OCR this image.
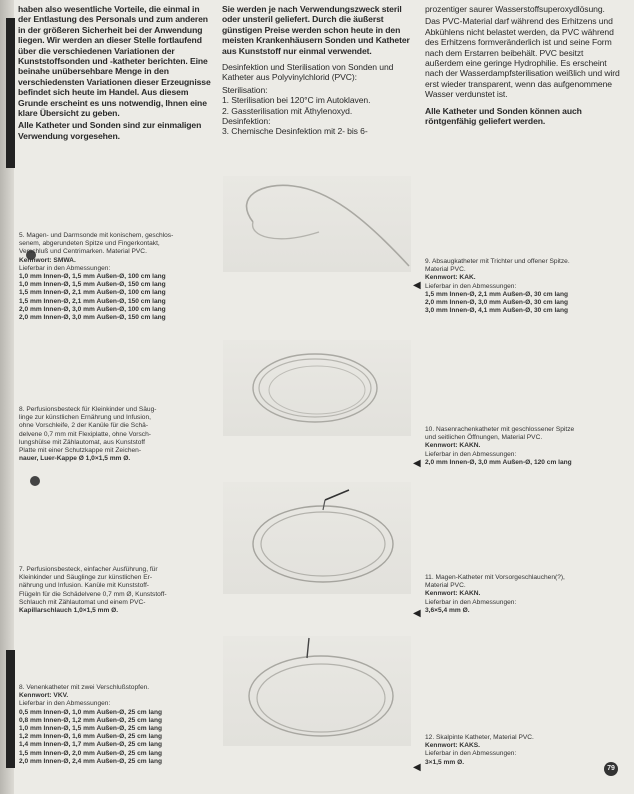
haben also wesentliche Vorteile, die einmal in der Entlastung des Personals und zum anderen in der größeren Sicherheit bei der Anwendung liegen. Wir werden an dieser Stelle fortlaufend über die verschiedenen Variationen der Kunststoffsonden und -katheter berichten. Eine beinahe unübersehbare Menge in den verschiedensten Variationen dieser Erzeugnisse befindet sich heute im Handel. Aus diesem Grunde erscheint es uns notwendig, Ihnen eine klare Übersicht zu geben.

Alle Katheter und Sonden sind zur einmaligen Verwendung vorgesehen.

Sie werden je nach Verwendungszweck steril oder unsteril geliefert. Durch die äußerst günstigen Preise werden schon heute in den meisten Krankenhäusern Sonden und Katheter aus Kunststoff nur einmal verwendet.

Desinfektion und Sterilisation von Sonden und Katheter aus Polyvinylchlorid (PVC):

Sterilisation:
1. Sterilisation bei 120°C im Autoklaven.
2. Gassterilisation mit Äthylenoxyd.
Desinfektion:
3. Chemische Desinfektion mit 2- bis 6-

prozentiger saurer Wasserstoffsuperoxydlösung.

Das PVC-Material darf während des Erhitzens und Abkühlens nicht belastet werden, da PVC während des Erhitzens formveränderlich ist und seine Form nach dem Erstarren beibehält. PVC besitzt außerdem eine geringe Hydrophilie. Es erscheint nach der Wasserdampfsterilisation weißlich und wird erst wieder transparent, wenn das aufgenommene Wasser verdunstet ist.

Alle Katheter und Sonden können auch röntgenfähig geliefert werden.

5. Magen- und Darmsonde mit konischem, geschlos-
senem, abgerundeten Spitze und Fingerkontakt,
Verschluß und Centrimarken. Material PVC.
Kennwort: SMWA.
Lieferbar in den Abmessungen:
1,0 mm Innen-Ø, 1,5 mm Außen-Ø, 100 cm lang
1,0 mm Innen-Ø, 1,5 mm Außen-Ø, 150 cm lang
1,5 mm Innen-Ø, 2,1 mm Außen-Ø, 100 cm lang
1,5 mm Innen-Ø, 2,1 mm Außen-Ø, 150 cm lang
2,0 mm Innen-Ø, 3,0 mm Außen-Ø, 100 cm lang
2,0 mm Innen-Ø, 3,0 mm Außen-Ø, 150 cm lang
8. Perfusionsbesteck für Kleinkinder und Säug-
linge zur künstlichen Ernährung und Infusion,
ohne Vorschleife, 2 der Kanüle für die Schä-
delvene 0,7 mm mit Flexiplatte, ohne Vorsch-
lungshülse mit Zählautomat, aus Kunststoff
Platte mit einer Schutzkappe mit Zeichen-
nauer, Luer-Kappe Ø 1,0×1,5 mm Ø.
7. Perfusionsbesteck, einfacher Ausführung, für
Kleinkinder und Säuglinge zur künstlichen Er-
nährung und Infusion. Kanüle mit Kunststoff-
Flügeln für die Schädelvene 0,7 mm Ø, Kunststoff-
Schlauch mit Zählautomat und einem PVC-
Kapillarschlauch 1,0×1,5 mm Ø.
8. Venenkatheter mit zwei Verschlußstopfen.
Kennwort: VKV.
Lieferbar in den Abmessungen:
0,5 mm Innen-Ø, 1,0 mm Außen-Ø, 25 cm lang
0,8 mm Innen-Ø, 1,2 mm Außen-Ø, 25 cm lang
1,0 mm Innen-Ø, 1,5 mm Außen-Ø, 25 cm lang
1,2 mm Innen-Ø, 1,6 mm Außen-Ø, 25 cm lang
1,4 mm Innen-Ø, 1,7 mm Außen-Ø, 25 cm lang
1,5 mm Innen-Ø, 2,0 mm Außen-Ø, 25 cm lang
2,0 mm Innen-Ø, 2,4 mm Außen-Ø, 25 cm lang
◀
9. Absaugkatheter mit Trichter und offener Spitze.
Material PVC.
Kennwort: KAK.
Lieferbar in den Abmessungen:
1,5 mm Innen-Ø, 2,1 mm Außen-Ø, 30 cm lang
2,0 mm Innen-Ø, 3,0 mm Außen-Ø, 30 cm lang
3,0 mm Innen-Ø, 4,1 mm Außen-Ø, 30 cm lang
◀
10. Nasenrachenkatheter mit geschlossener Spitze
und seitlichen Öffnungen, Material PVC.
Kennwort: KAKN.
Lieferbar in den Abmessungen:
2,0 mm Innen-Ø, 3,0 mm Außen-Ø, 120 cm lang
◀
11. Magen-Katheter mit Vorsorgeschlauchen(?),
Material PVC.
Kennwort: KAKN.
Lieferbar in den Abmessungen:
3,6×5,4 mm Ø.
◀
12. Skalpinte Katheter, Material PVC.
Kennwort: KAKS.
Lieferbar in den Abmessungen:
3×1,5 mm Ø.
79
